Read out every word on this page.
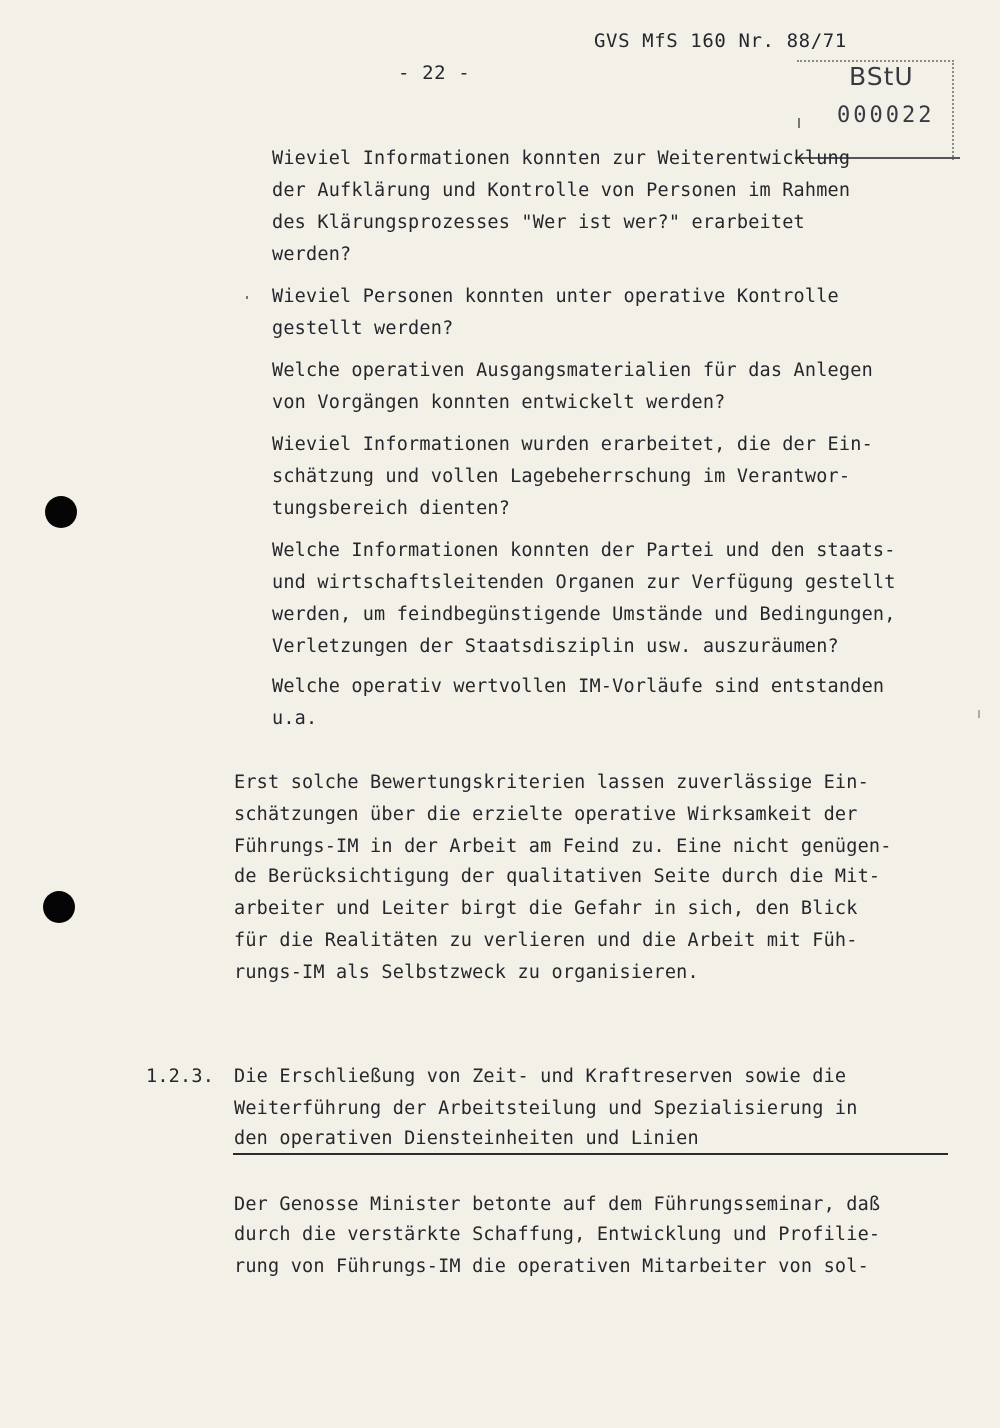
GVS MfS 160 Nr. 88/71
- 22 -	BStU
000022
Wieviel Informationen konnten zur Weiterentwicklung
der Aufklärung und Kontrolle von Personen im Rahmen
des Klärungsprozesses "Wer ist wer?" erarbeitet
werden?
Wieviel Personen konnten unter operative Kontrolle
gestellt werden?
Welche operativen Ausgangsmaterialien für das Anlegen
von Vorgängen konnten entwickelt werden?
Wieviel Informationen wurden erarbeitet, die der Ein-
schätzung und vollen Lagebeherrschung im Verantwor-
tungsbereich dienten?
Welche Informationen konnten der Partei und den staats-
und wirtschaftsleitenden Organen zur Verfügung gestellt
werden, um feindbegünstigende Umstände und Bedingungen,
Verletzungen der Staatsdisziplin usw. auszuräumen?
Welche operativ wertvollen IM-Vorläufe sind entstanden
u.a.
Erst solche Bewertungskriterien lassen zuverlässige Ein-
schätzungen über die erzielte operative Wirksamkeit der
Führungs-IM in der Arbeit am Feind zu. Eine nicht genügen-
de Berücksichtigung der qualitativen Seite durch die Mit-
arbeiter und Leiter birgt die Gefahr in sich, den Blick
für die Realitäten zu verlieren und die Arbeit mit Füh-
rungs-IM als Selbstzweck zu organisieren.
1.2.3. Die Erschließung von Zeit- und Kraftreserven sowie die
Weiterführung der Arbeitsteilung und Spezialisierung in
den operativen Diensteinheiten und Linien
Der Genosse Minister betonte auf dem Führungsseminar, daß
durch die verstärkte Schaffung, Entwicklung und Profilie-
rung von Führungs-IM die operativen Mitarbeiter von sol-
